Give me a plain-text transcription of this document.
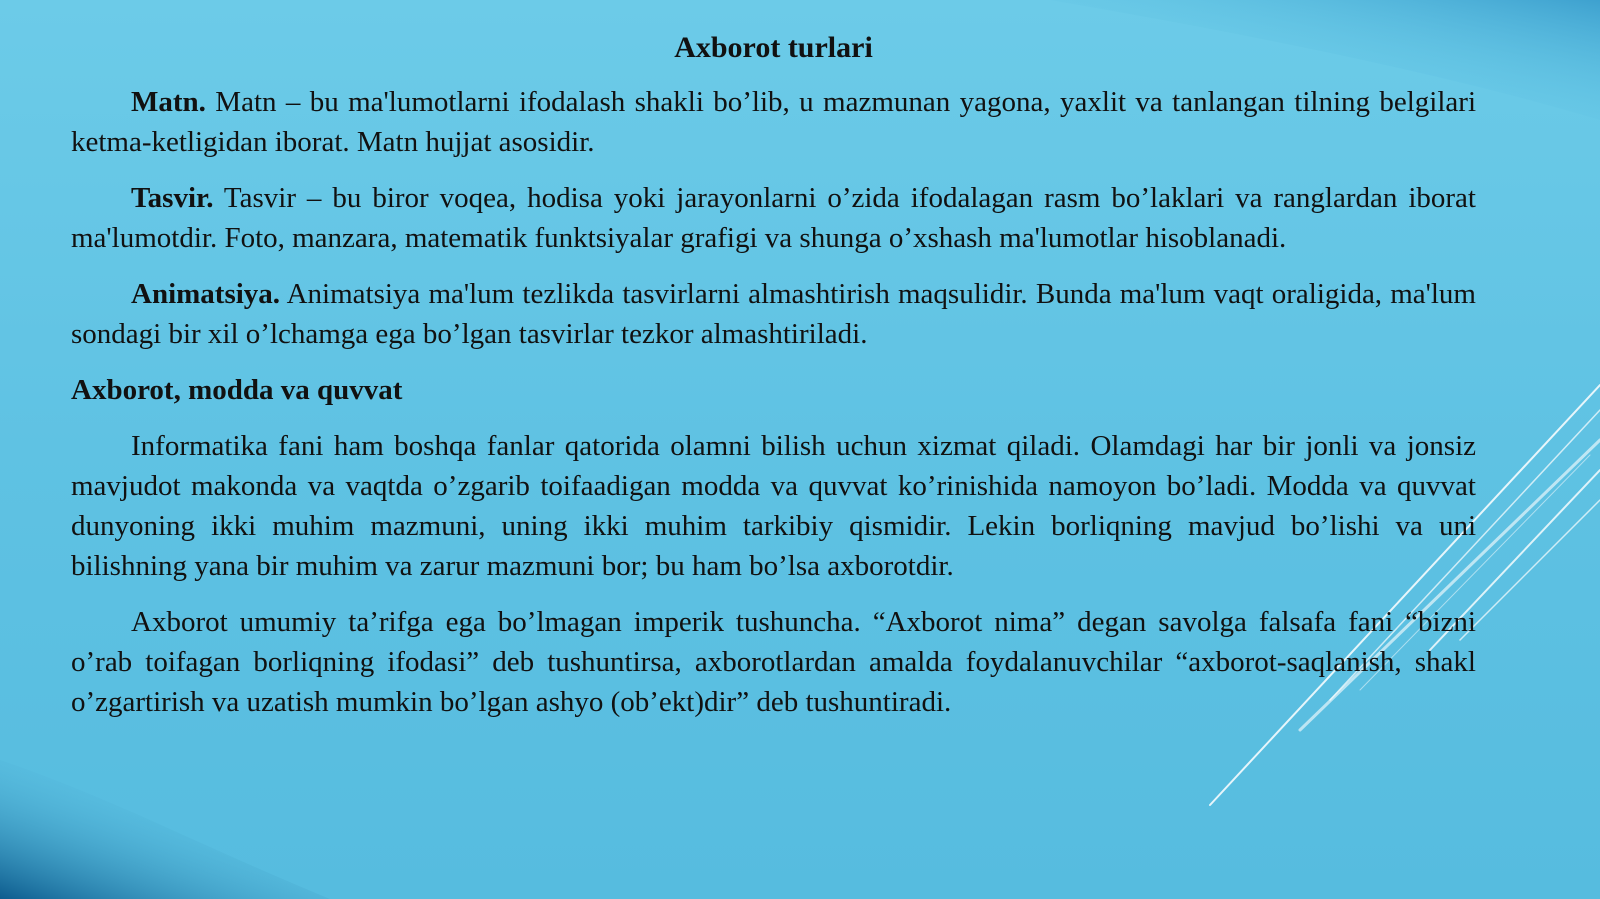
Axborot turlari

Matn. Matn – bu ma'lumotlarni ifodalash shakli bo’lib, u mazmunan yagona, yaxlit va tanlangan tilning belgilari ketma-ketligidan iborat. Matn hujjat asosidir.

Tasvir. Tasvir – bu biror voqea, hodisa yoki jarayonlarni o’zida ifodalagan rasm bo’laklari va ranglardan iborat ma'lumotdir. Foto, manzara, matematik funktsiyalar grafigi va shunga o’xshash ma'lumotlar hisoblanadi.

Animatsiya. Animatsiya ma'lum tezlikda tasvirlarni almashtirish maqsulidir. Bunda ma'lum vaqt oraligida, ma'lum sondagi bir xil o’lchamga ega bo’lgan tasvirlar tezkor almashtiriladi.

Axborot, modda va quvvat

Informatika fani ham boshqa fanlar qatorida olamni bilish uchun xizmat qiladi. Olamdagi har bir jonli va jonsiz mavjudot makonda va vaqtda o’zgarib toifaadigan modda va quvvat ko’rinishida namoyon bo’ladi. Modda va quvvat dunyoning ikki muhim mazmuni, uning ikki muhim tarkibiy qismidir. Lekin borliqning mavjud bo’lishi va uni bilishning yana bir muhim va zarur mazmuni bor; bu ham bo’lsa axborotdir.

Axborot umumiy ta’rifga ega bo’lmagan imperik tushuncha. “Axborot nima” degan savolga falsafa fani “bizni o’rab toifagan borliqning ifodasi” deb tushuntirsa, axborotlardan amalda foydalanuvchilar “axborot-saqlanish, shakl o’zgartirish va uzatish mumkin bo’lgan ashyo (ob’ekt)dir” deb tushuntiradi.
